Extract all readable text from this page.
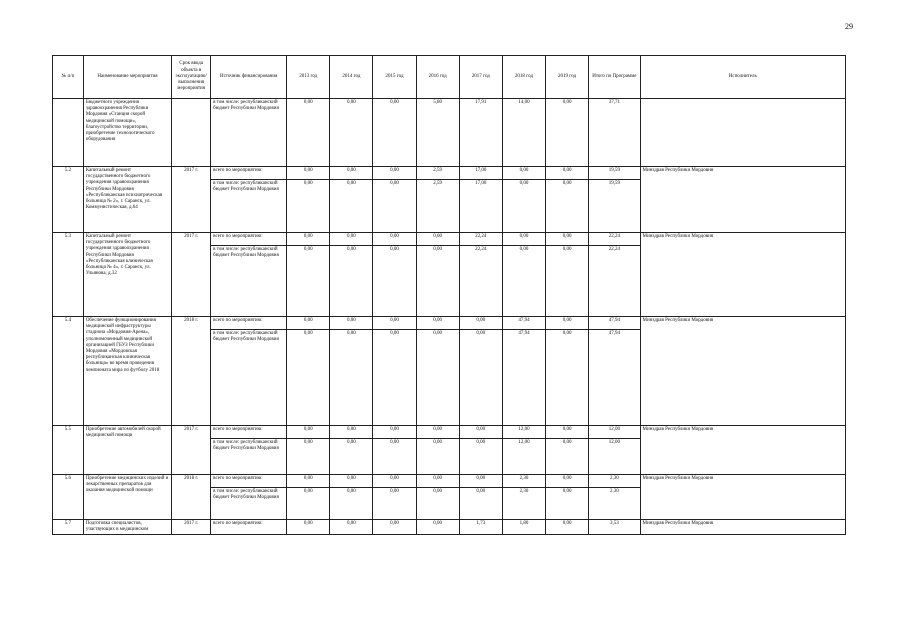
29
№ п/п	Наименование мероприятия	Срок ввода объекта в эксплуатацию/ выполнения мероприятия	Источник финансирования	2013 год	2014 год	2015 год	2016 год	2017 год	2018 год	2019 год	Итого по Программе	Исполнитель
	Бюджетного учреждения здравоохранения Республики Мордовия «Станция скорой медицинской помощи», благоустройство территории, приобретение технологического оборудования		в том числе: республиканский бюджет Республики Мордовия	0,00	0,00	0,00	5,80	17,91	14,00	0,00	37,71	
5.2	Капитальный ремонт государственного бюджетного учреждения здравоохранения Республики Мордовия «Республиканская психиатрическая больница № 2», г. Саранск, ул. Коммунистическая, д.64	2017 г.	всего по мероприятию:	0,00	0,00	0,00	2,59	17,00	0,00	0,00	19,59	Минздрав Республики Мордовия
			в том числе: республиканский бюджет Республики Мордовия	0,00	0,00	0,00	2,59	17,00	0,00	0,00	19,59	
5.3	Капитальный ремонт государственного бюджетного учреждения здравоохранения Республики Мордовия «Республиканская клиническая больница № 4», г. Саранск, ул. Ульянова, д.32	2017 г.	всего по мероприятию:	0,00	0,00	0,00	0,00	22,24	0,00	0,00	22,24	Минздрав Республики Мордовия
			в том числе: республиканский бюджет Республики Мордовия	0,00	0,00	0,00	0,00	22,24	0,00	0,00	22,24	
5.4	Обеспечение функционирования медицинской инфраструктуры стадиона «Мордовия-Арена», уполномоченный медицинской организацией ГБУЗ Республики Мордовия «Мордовская республиканская клиническая больница» во время проведения чемпионата мира по футболу 2018	2018 г.	всего по мероприятию:	0,00	0,00	0,00	0,00	0,00	47,94	0,00	47,94	Минздрав Республики Мордовия
			в том числе: республиканский бюджет Республики Мордовия	0,00	0,00	0,00	0,00	0,00	47,94	0,00	47,94	
5.5	Приобретение автомобилей скорой медицинской помощи	2017 г.	всего по мероприятию:	0,00	0,00	0,00	0,00	0,00	12,00	0,00	12,00	Минздрав Республики Мордовия
			в том числе: республиканский бюджет Республики Мордовия	0,00	0,00	0,00	0,00	0,00	12,00	0,00	12,00	
5.6	Приобретение медицинских изделий и лекарственных препаратов для оказания медицинской помощи	2018 г.	всего по мероприятию:	0,00	0,00	0,00	0,00	0,00	2,30	0,00	2,30	Минздрав Республики Мордовия
			в том числе: республиканский бюджет Республики Мордовия	0,00	0,00	0,00	0,00	0,00	2,30	0,00	2,30	
5.7	Подготовка специалистов, участвующих в медицинском	2017 г.	всего по мероприятию:	0,00	0,00	0,00	0,00	1,73	1,80	0,00	3,53	Минздрав Республики Мордовия
